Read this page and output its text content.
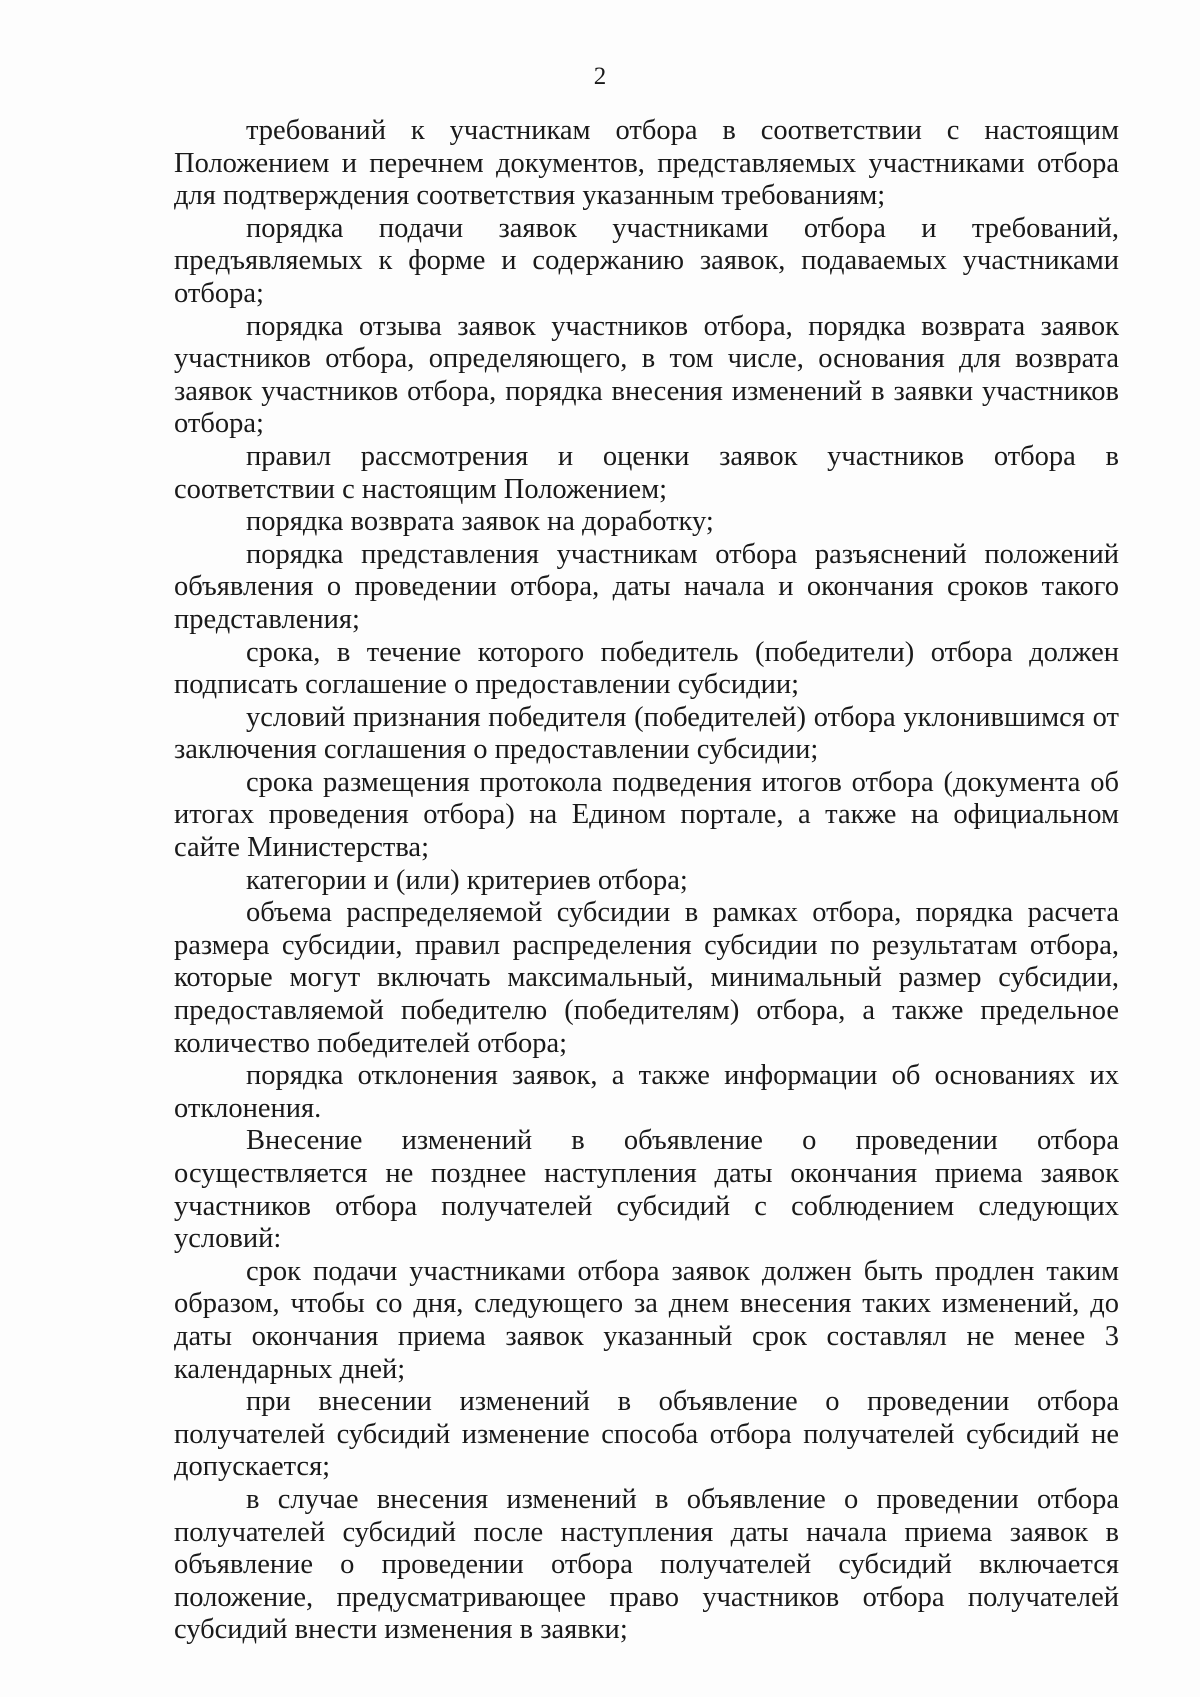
2

требований к участникам отбора в соответствии с настоящим Положением и перечнем документов, представляемых участниками отбора для подтверждения соответствия указанным требованиям;

порядка подачи заявок участниками отбора и требований, предъявляемых к форме и содержанию заявок, подаваемых участниками отбора;

порядка отзыва заявок участников отбора, порядка возврата заявок участников отбора, определяющего, в том числе, основания для возврата заявок участников отбора, порядка внесения изменений в заявки участников отбора;

правил рассмотрения и оценки заявок участников отбора в соответствии с настоящим Положением;

порядка возврата заявок на доработку;

порядка представления участникам отбора разъяснений положений объявления о проведении отбора, даты начала и окончания сроков такого представления;

срока, в течение которого победитель (победители) отбора должен подписать соглашение о предоставлении субсидии;

условий признания победителя (победителей) отбора уклонившимся от заключения соглашения о предоставлении субсидии;

срока размещения протокола подведения итогов отбора (документа об итогах проведения отбора) на Едином портале, а также на официальном сайте Министерства;

категории и (или) критериев отбора;

объема распределяемой субсидии в рамках отбора, порядка расчета размера субсидии, правил распределения субсидии по результатам отбора, которые могут включать максимальный, минимальный размер субсидии, предоставляемой победителю (победителям) отбора, а также предельное количество победителей отбора;

порядка отклонения заявок, а также информации об основаниях их отклонения.

Внесение изменений в объявление о проведении отбора осуществляется не позднее наступления даты окончания приема заявок участников отбора получателей субсидий с соблюдением следующих условий:

срок подачи участниками отбора заявок должен быть продлен таким образом, чтобы со дня, следующего за днем внесения таких изменений, до даты окончания приема заявок указанный срок составлял не менее 3 календарных дней;

при внесении изменений в объявление о проведении отбора получателей субсидий изменение способа отбора получателей субсидий не допускается;

в случае внесения изменений в объявление о проведении отбора получателей субсидий после наступления даты начала приема заявок в объявление о проведении отбора получателей субсидий включается положение, предусматривающее право участников отбора получателей субсидий внести изменения в заявки;
